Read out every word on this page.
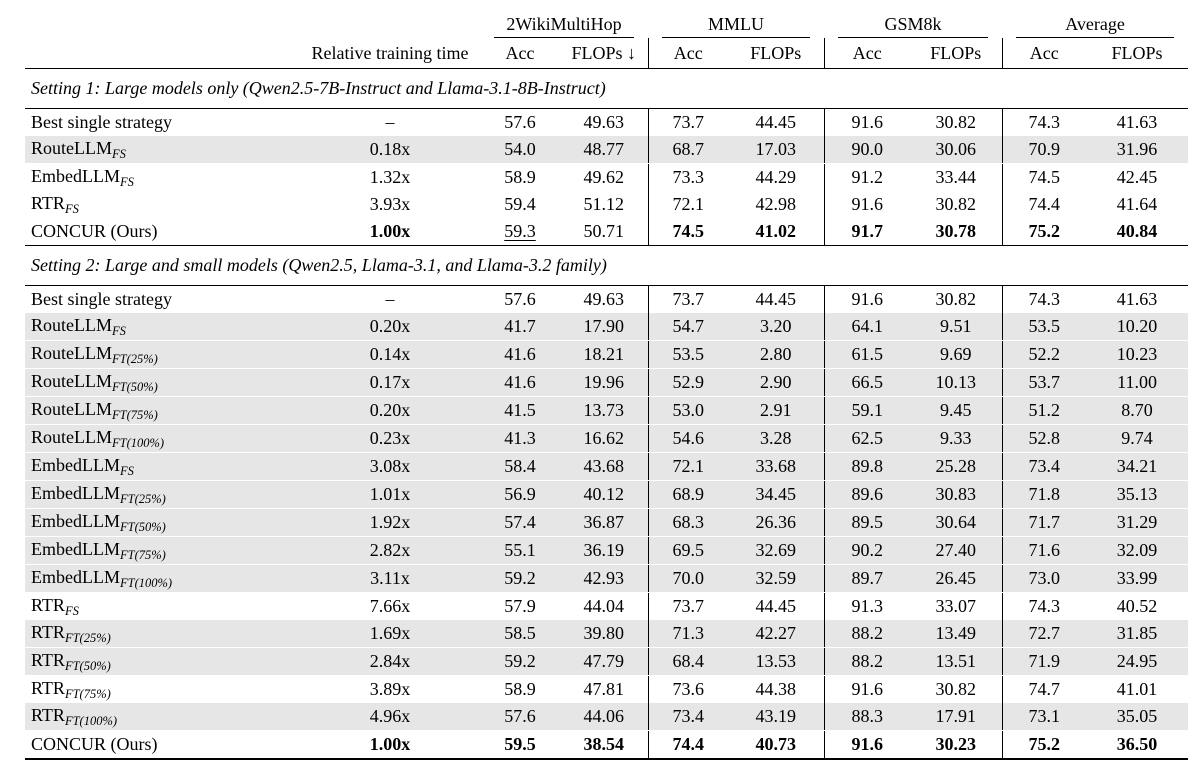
		2WikiMultiHop		MMLU		GSM8k		Average	

	Relative training time	Acc	FLOPs ↓	Acc	FLOPs	Acc	FLOPs	Acc	FLOPs
Setting 1: Large models only (Qwen2.5-7B-Instruct and Llama-3.1-8B-Instruct)									
Best single strategy	–	57.6	49.63	73.7	44.45	91.6	30.82	74.3	41.63
RouteLLM$_{FS}$	0.18x	54.0	48.77	68.7	17.03	90.0	30.06	70.9	31.96
EmbedLLM$_{FS}$	1.32x	58.9	49.62	73.3	44.29	91.2	33.44	74.5	42.45
$RTR_{FS}$	3.93x	59.4	51.12	72.1	42.98	91.6	30.82	74.4	41.64
CONCUR (Ours)	1.00x	59.3	50.71	74.5	41.02	91.7	30.78	75.2	40.84
Setting 2: Large and small models (Qwen2.5, Llama-3.1, and Llama-3.2 family)									
Best single strategy	–	57.6	49.63	73.7	44.45	91.6	30.82	74.3	41.63
RouteLLM$_{FS}$	0.20x	41.7	17.90	54.7	3.20	64.1	9.51	53.5	10.20
RouteLLM$_{FT(25\%)}$	0.14x	41.6	18.21	53.5	2.80	61.5	9.69	52.2	10.23
RouteLLM$_{FT(50\%)}$	0.17x	41.6	19.96	52.9	2.90	66.5	10.13	53.7	11.00
RouteLLM$_{FT(75\%)}$	0.20x	41.5	13.73	53.0	2.91	59.1	9.45	51.2	8.70
RouteLLM$_{FT(100\%)}$	0.23x	41.3	16.62	54.6	3.28	62.5	9.33	52.8	9.74
EmbedLLM$_{FS}$	3.08x	58.4	43.68	72.1	33.68	89.8	25.28	73.4	34.21
EmbedLLM$_{FT(25\%)}$	1.01x	56.9	40.12	68.9	34.45	89.6	30.83	71.8	35.13
EmbedLLM$_{FT(50\%)}$	1.92x	57.4	36.87	68.3	26.36	89.5	30.64	71.7	31.29
EmbedLLM$_{FT(75\%)}$	2.82x	55.1	36.19	69.5	32.69	90.2	27.40	71.6	32.09
EmbedLLM$_{FT(100\%)}$	3.11x	59.2	42.93	70.0	32.59	89.7	26.45	73.0	33.99
$RTR_{FS}$	7.66x	57.9	44.04	73.7	44.45	91.3	33.07	74.3	40.52
$RTR_{FT(25\%)}$	1.69x	58.5	39.80	71.3	42.27	88.2	13.49	72.7	31.85
$RTR_{FT(50\%)}$	2.84x	59.2	47.79	68.4	13.53	88.2	13.51	71.9	24.95
$RTR_{FT(75\%)}$	3.89x	58.9	47.81	73.6	44.38	91.6	30.82	74.7	41.01
$RTR_{FT(100\%)}$	4.96x	57.6	44.06	73.4	43.19	88.3	17.91	73.1	35.05
CONCUR (Ours)	1.00x	59.5	38.54	74.4	40.73	91.6	30.23	75.2	36.50
